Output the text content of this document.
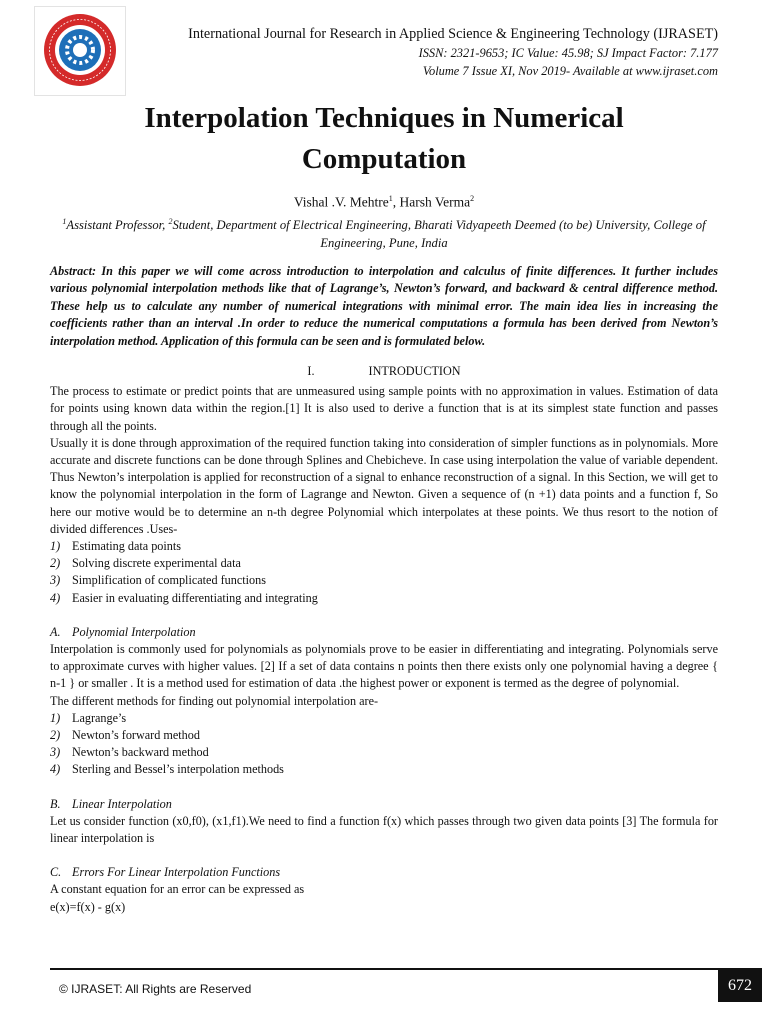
International Journal for Research in Applied Science & Engineering Technology (IJRASET)
ISSN: 2321-9653; IC Value: 45.98; SJ Impact Factor: 7.177
Volume 7 Issue XI, Nov 2019- Available at www.ijraset.com
Interpolation Techniques in Numerical
Computation
Vishal .V. Mehtre$^1$, Harsh Verma$^2$
$^1$Assistant Professor, $^2$Student, Department of Electrical Engineering, Bharati Vidyapeeth Deemed (to be) University, College of Engineering, Pune, India
Abstract: In this paper we will come across introduction to interpolation and calculus of finite differences. It further includes various polynomial interpolation methods like that of Lagrange’s, Newton’s forward, and backward & central difference method. These help us to calculate any number of numerical integrations with minimal error. The main idea lies in increasing the coefficients rather than an interval .In order to reduce the numerical computations a formula has been derived from Newton’s interpolation method. Application of this formula can be seen and is formulated below.
I.	INTRODUCTION

The process to estimate or predict points that are unmeasured using sample points with no approximation in values. Estimation of data for points using known data within the region.[1] It is also used to derive a function that is at its simplest state function and passes through all the points.

Usually it is done through approximation of the required function taking into consideration of simpler functions as in polynomials. More accurate and discrete functions can be done through Splines and Chebicheve. In case using interpolation the value of variable dependent. Thus Newton’s interpolation is applied for reconstruction of a signal to enhance reconstruction of a signal. In this Section, we will get to know the polynomial interpolation in the form of Lagrange and Newton. Given a sequence of (n +1) data points and a function f, So here our motive would be to determine an n-th degree Polynomial which interpolates at these points. We thus resort to the notion of divided differences .Uses-

1) Estimating data points
2) Solving discrete experimental data
3) Simplification of complicated functions
4) Easier in evaluating differentiating and integrating
A. Polynomial Interpolation

Interpolation is commonly used for polynomials as polynomials prove to be easier in differentiating and integrating. Polynomials serve to approximate curves with higher values. [2] If a set of data contains n points then there exists only one polynomial having a degree { n-1 } or smaller . It is a method used for estimation of data .the highest power or exponent is termed as the degree of polynomial.

The different methods for finding out polynomial interpolation are-

1) Lagrange’s
2) Newton’s forward method
3) Newton’s backward method
4) Sterling and Bessel’s interpolation methods
B. Linear Interpolation

Let us consider function (x0,f0), (x1,f1).We need to find a function f(x) which passes through two given data points [3] The formula for linear interpolation is

C. Errors For Linear Interpolation Functions

A constant equation for an error can be expressed as

e(x)=f(x) - g(x)

© IJRASET: All Rights are Reserved	672
